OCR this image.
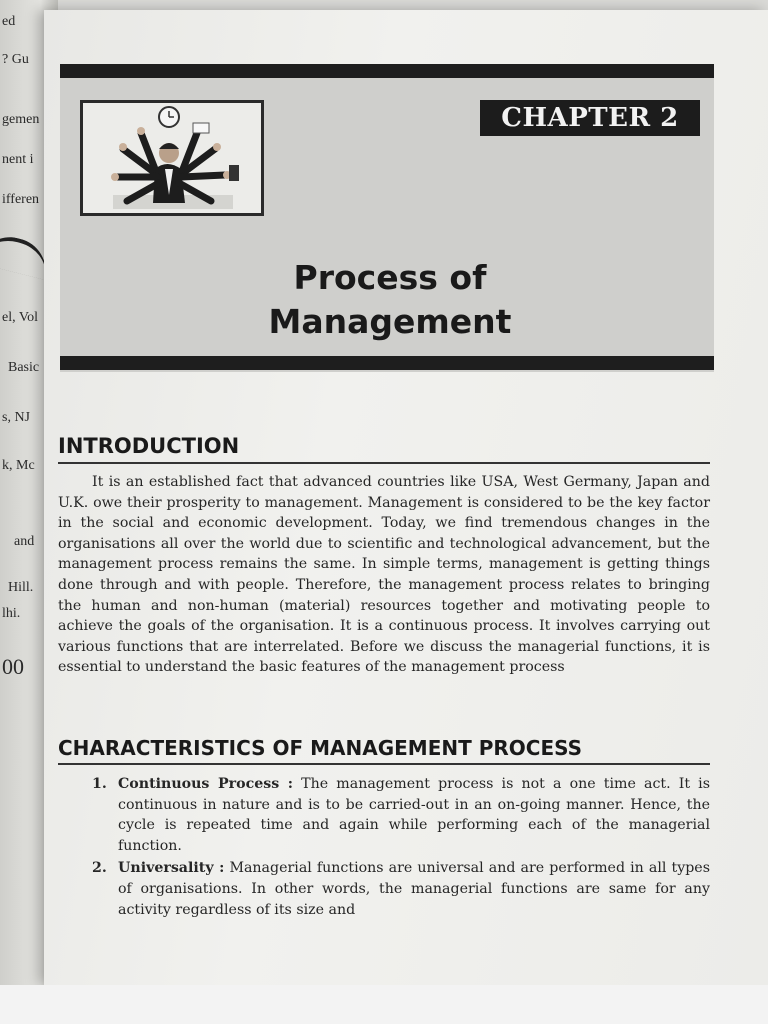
ed
? Gu
gemen
nent i
ifferen
el, Vol
Basic
s, NJ
k, Mc
and
Hill.
lhi.
00
CHAPTER 2
Process of
Management
INTRODUCTION

It is an established fact that advanced countries like USA, West Germany, Japan and U.K. owe their prosperity to management. Management is considered to be the key factor in the social and economic development. Today, we find tremendous changes in the organisations all over the world due to scientific and technological advancement, but the management process remains the same. In simple terms, management is getting things done through and with people. Therefore, the management process relates to bringing the human and non-human (material) resources together and motivating people to achieve the goals of the organisation. It is a continuous process. It involves carrying out various functions that are interrelated. Before we discuss the managerial functions, it is essential to understand the basic features of the management process

CHARACTERISTICS OF MANAGEMENT PROCESS
1. Continuous Process : The management process is not a one time act. It is continuous in nature and is to be carried-out in an on-going manner. Hence, the cycle is repeated time and again while performing each of the managerial function.
2. Universality : Managerial functions are universal and are performed in all types of organisations. In other words, the managerial functions are same for any activity regardless of its size and
